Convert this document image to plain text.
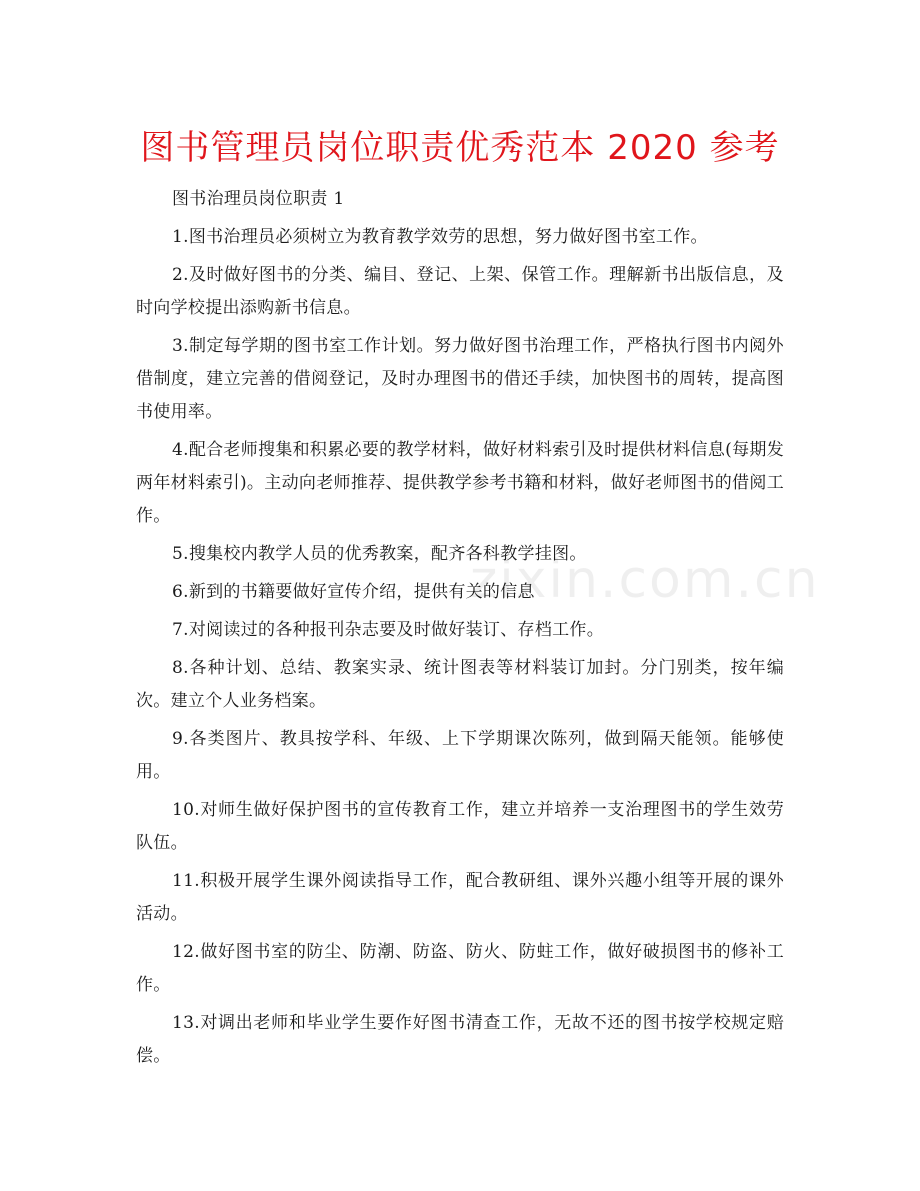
图书管理员岗位职责优秀范本 2020 参考

图书治理员岗位职责 1

1.图书治理员必须树立为教育教学效劳的思想，努力做好图书室工作。

2.及时做好图书的分类、编目、登记、上架、保管工作。理解新书出版信息，及时向学校提出添购新书信息。

3.制定每学期的图书室工作计划。努力做好图书治理工作，严格执行图书内阅外借制度，建立完善的借阅登记，及时办理图书的借还手续，加快图书的周转，提高图书使用率。

4.配合老师搜集和积累必要的教学材料，做好材料索引及时提供材料信息(每期发两年材料索引)。主动向老师推荐、提供教学参考书籍和材料，做好老师图书的借阅工作。

5.搜集校内教学人员的优秀教案，配齐各科教学挂图。

6.新到的书籍要做好宣传介绍，提供有关的信息

7.对阅读过的各种报刊杂志要及时做好装订、存档工作。

8.各种计划、总结、教案实录、统计图表等材料装订加封。分门别类，按年编次。建立个人业务档案。

9.各类图片、教具按学科、年级、上下学期课次陈列，做到隔天能领。能够使用。

10.对师生做好保护图书的宣传教育工作，建立并培养一支治理图书的学生效劳队伍。

11.积极开展学生课外阅读指导工作，配合教研组、课外兴趣小组等开展的课外活动。

12.做好图书室的防尘、防潮、防盗、防火、防蛀工作，做好破损图书的修补工作。

13.对调出老师和毕业学生要作好图书清查工作，无故不还的图书按学校规定赔偿。

zixin.com.cn
